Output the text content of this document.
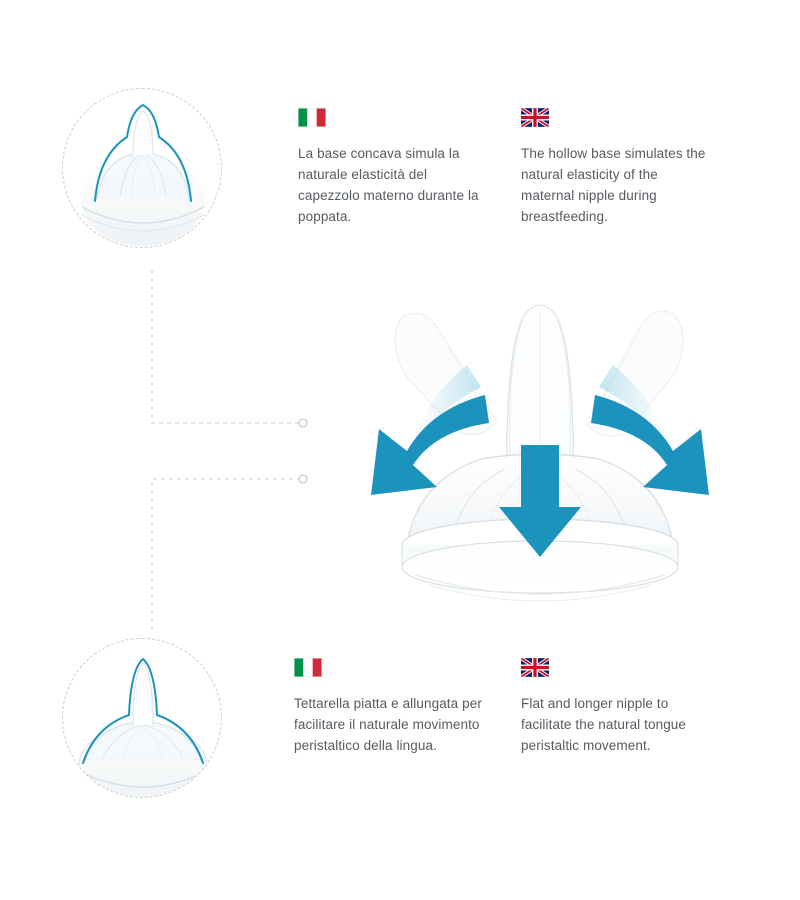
La base concava simula la naturale elasticità del capezzolo materno durante la poppata.

The hollow base simulates the natural elasticity of the maternal nipple during breastfeeding.

Tettarella piatta e allungata per facilitare il naturale movimento peristaltico della lingua.

Flat and longer nipple to facilitate the natural tongue peristaltic movement.
